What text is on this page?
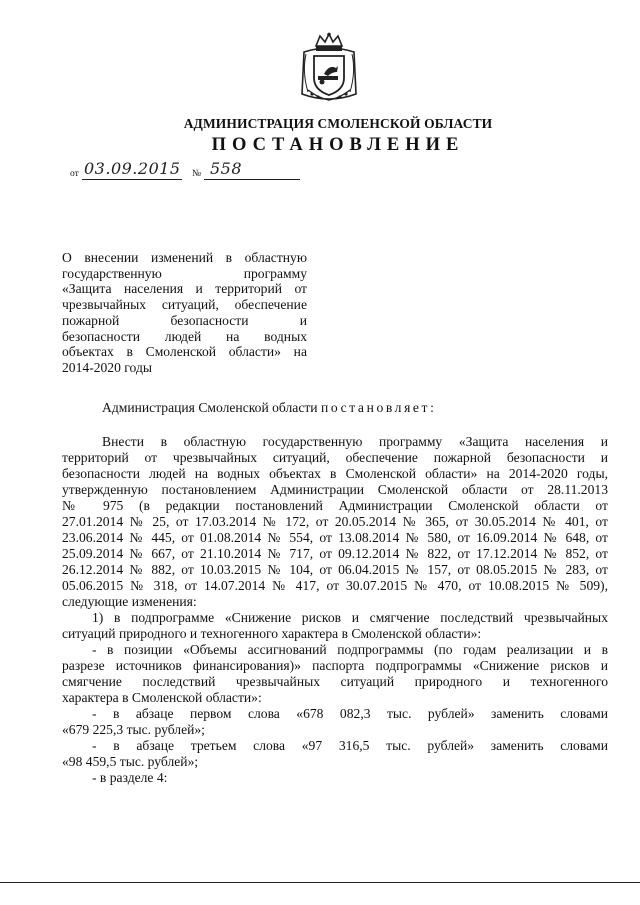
АДМИНИСТРАЦИЯ СМОЛЕНСКОЙ ОБЛАСТИ
ПОСТАНОВЛЕНИЕ
от 03.09.2015 № 558
О внесении изменений в областную
государственную программу
«Защита населения и территорий от
чрезвычайных ситуаций, обеспечение
пожарной безопасности и
безопасности людей на водных
объектах в Смоленской области» на
2014-2020 годы
Администрация Смоленской области постановляет:
Внести в областную государственную программу «Защита населения и
территорий от чрезвычайных ситуаций, обеспечение пожарной безопасности и
безопасности людей на водных объектах в Смоленской области» на 2014-2020 годы,
утвержденную постановлением Администрации Смоленской области от 28.11.2013
№ 975 (в редакции постановлений Администрации Смоленской области от
27.01.2014 № 25, от 17.03.2014 № 172, от 20.05.2014 № 365, от 30.05.2014 № 401, от
23.06.2014 № 445, от 01.08.2014 № 554, от 13.08.2014 № 580, от 16.09.2014 № 648, от
25.09.2014 № 667, от 21.10.2014 № 717, от 09.12.2014 № 822, от 17.12.2014 № 852, от
26.12.2014 № 882, от 10.03.2015 № 104, от 06.04.2015 № 157, от 08.05.2015 № 283, от
05.06.2015 № 318, от 14.07.2014 № 417, от 30.07.2015 № 470, от 10.08.2015 № 509),
следующие изменения:
1) в подпрограмме «Снижение рисков и смягчение последствий чрезвычайных
ситуаций природного и техногенного характера в Смоленской области»:
- в позиции «Объемы ассигнований подпрограммы (по годам реализации и в
разрезе источников финансирования)» паспорта подпрограммы «Снижение рисков и
смягчение последствий чрезвычайных ситуаций природного и техногенного
характера в Смоленской области»:
- в абзаце первом слова «678 082,3 тыс. рублей» заменить словами
«679 225,3 тыс. рублей»;
- в абзаце третьем слова «97 316,5 тыс. рублей» заменить словами
«98 459,5 тыс. рублей»;
- в разделе 4:
